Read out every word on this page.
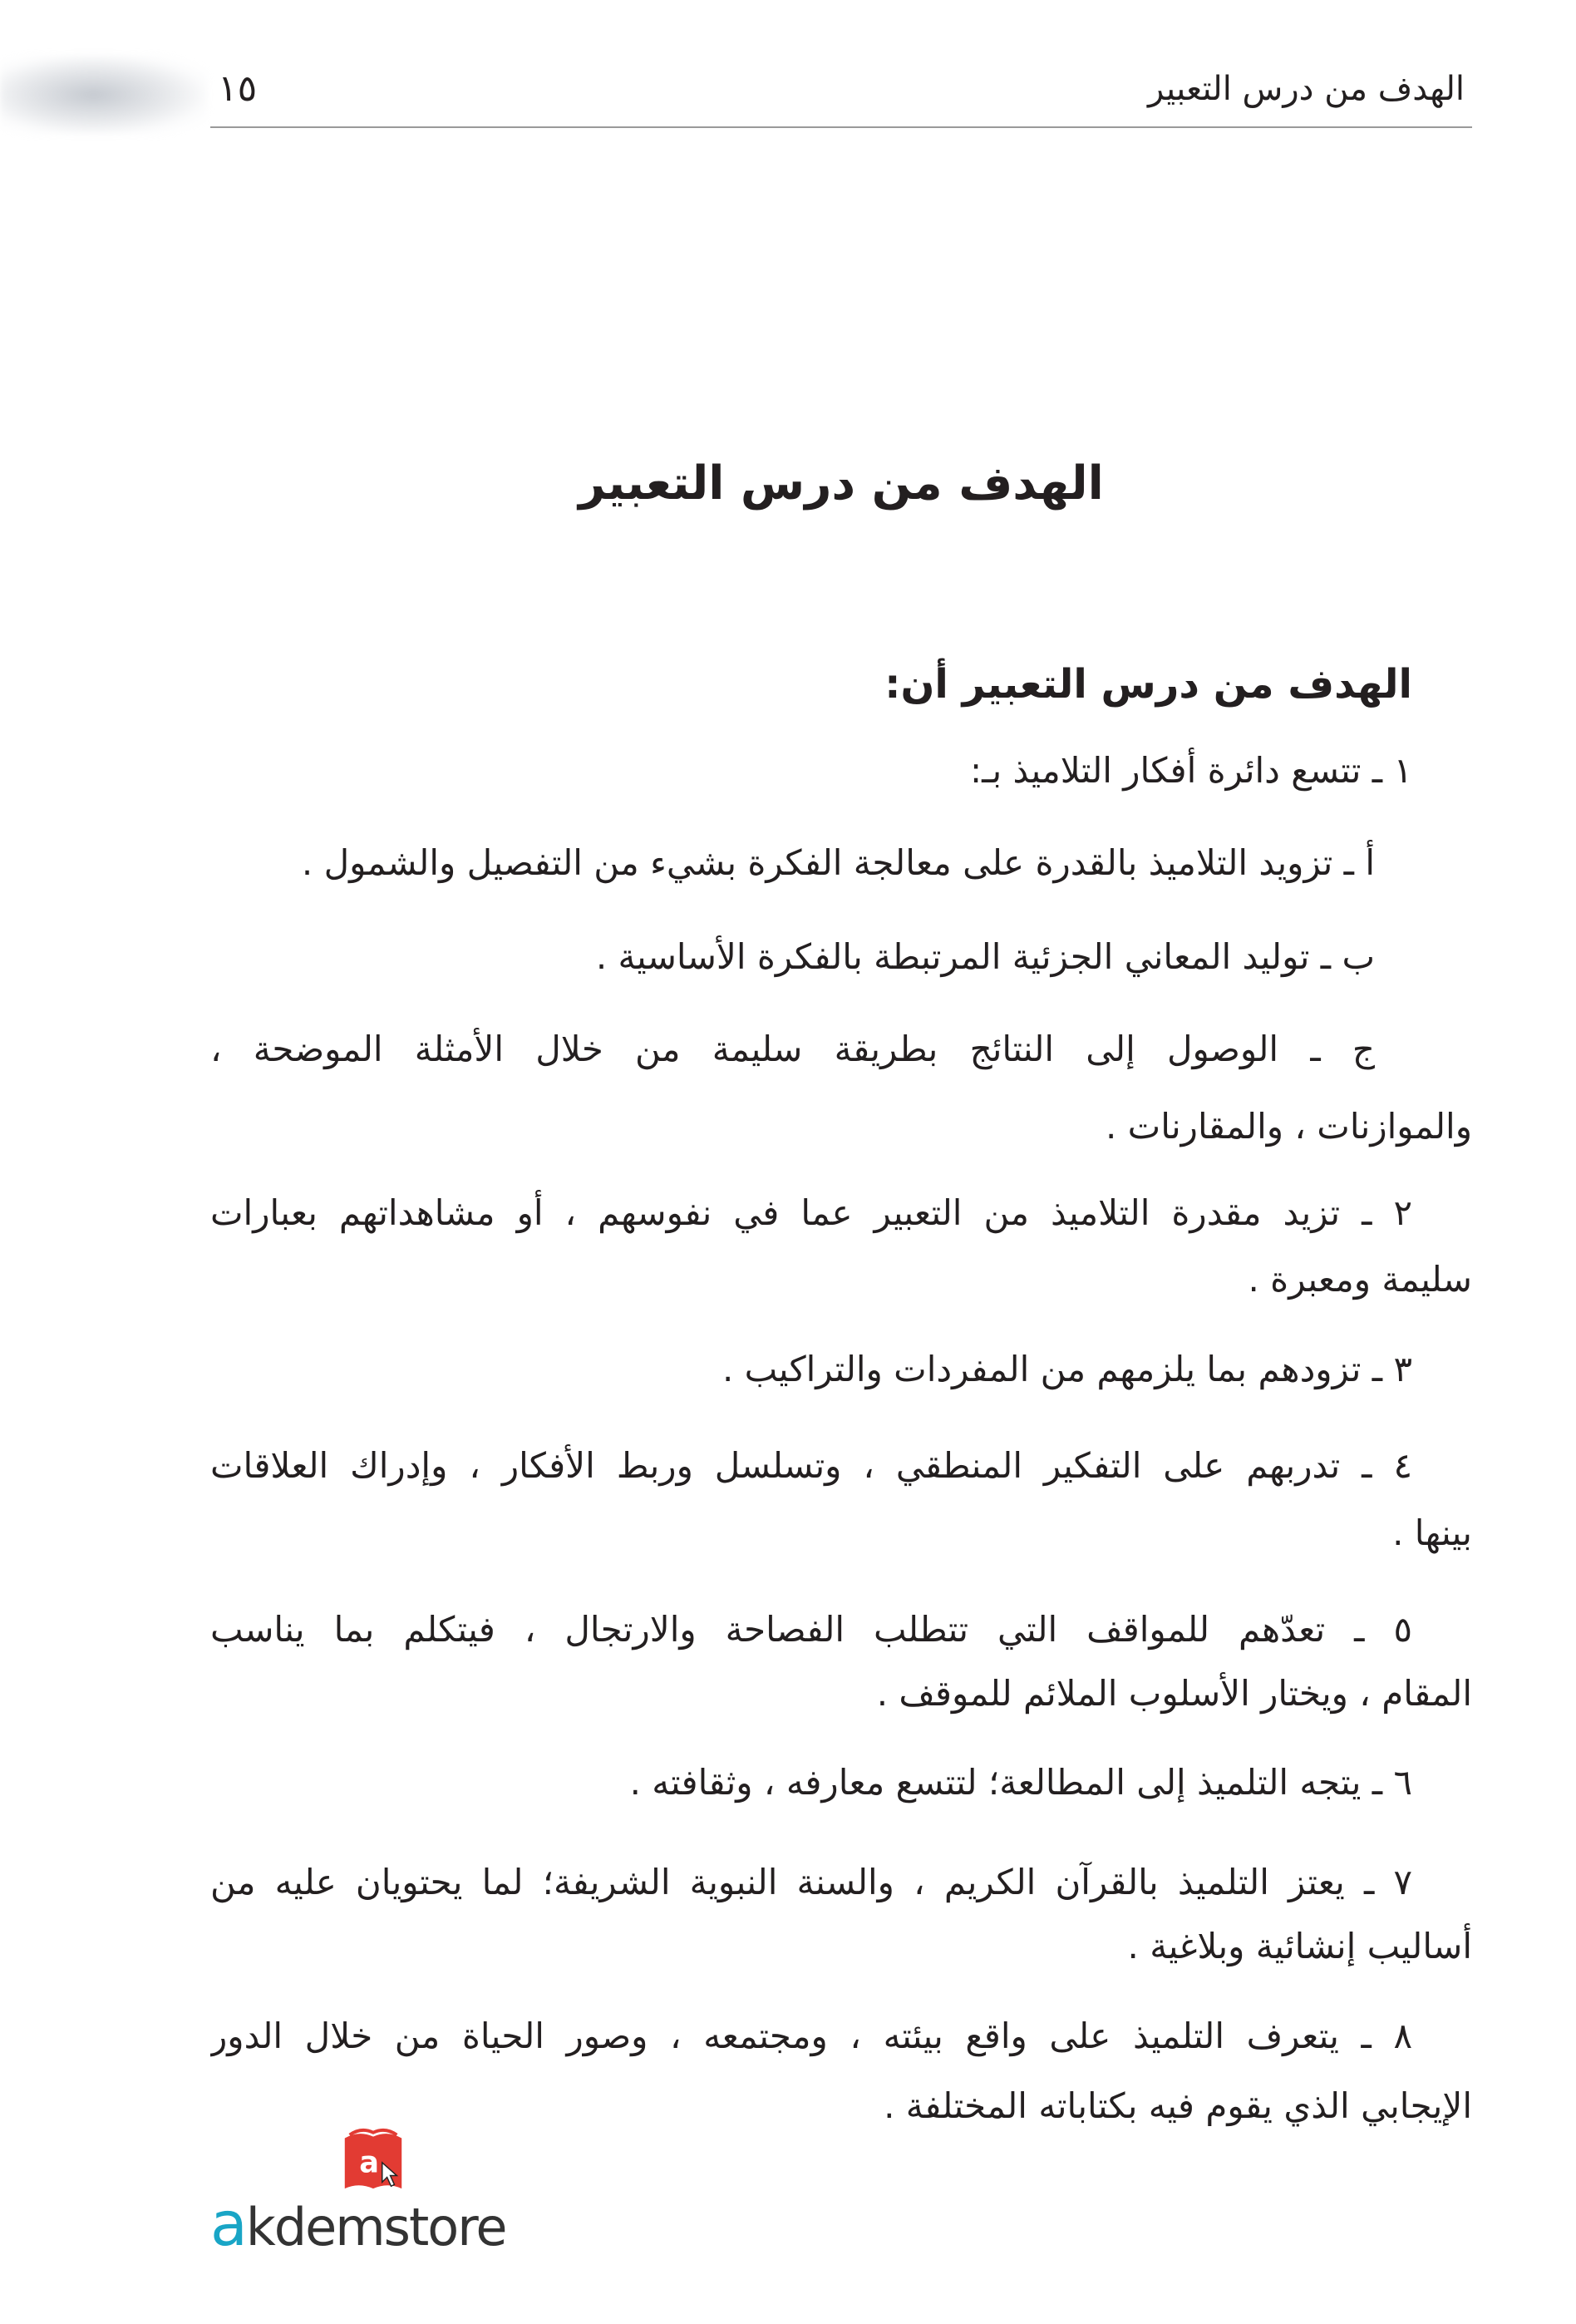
١٥	الهدف من درس التعبير
الهدف من درس التعبير
الهدف من درس التعبير أن:
١ ـ تتسع دائرة أفكار التلاميذ بـ:
أ ـ تزويد التلاميذ بالقدرة على معالجة الفكرة بشيء من التفصيل والشمول .
ب ـ توليد المعاني الجزئية المرتبطة بالفكرة الأساسية .
ج ـ الوصول إلى النتائج بطريقة سليمة من خلال الأمثلة الموضحة ،
والموازنات ، والمقارنات .
٢ ـ تزيد مقدرة التلاميذ من التعبير عما في نفوسهم ، أو مشاهداتهم بعبارات
سليمة ومعبرة .
٣ ـ تزودهم بما يلزمهم من المفردات والتراكيب .
٤ ـ تدربهم على التفكير المنطقي ، وتسلسل وربط الأفكار ، وإدراك العلاقات
بينها .
٥ ـ تعدّهم للمواقف التي تتطلب الفصاحة والارتجال ، فيتكلم بما يناسب
المقام ، ويختار الأسلوب الملائم للموقف .
٦ ـ يتجه التلميذ إلى المطالعة؛ لتتسع معارفه ، وثقافته .
٧ ـ يعتز التلميذ بالقرآن الكريم ، والسنة النبوية الشريفة؛ لما يحتويان عليه من
أساليب إنشائية وبلاغية .
٨ ـ يتعرف التلميذ على واقع بيئته ، ومجتمعه ، وصور الحياة من خلال الدور
الإيجابي الذي يقوم فيه بكتاباته المختلفة .
a
akdemstore
